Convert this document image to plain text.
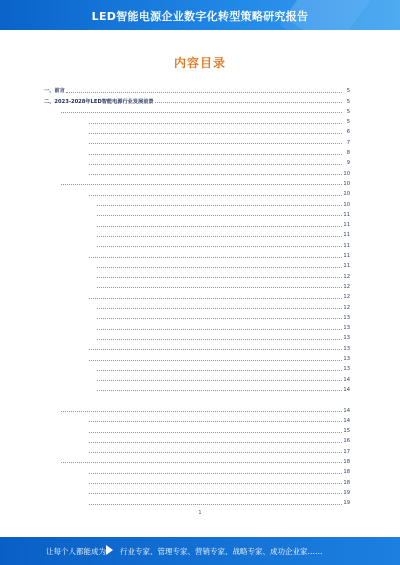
LED智能电源企业数字化转型策略研究报告
内容目录
一、前言	5
二、2023-2028年LED智能电源行业发展前景	5
5
5
6
7
8
9
10
10
10
10
11
11
11
11
11
11
12
12
12
12
13
13
13
13
13
13
14
14
14
14
15
16
17
18
18
18
19
19
1
让每个人都能成为 行业专家、管理专家、营销专家、战略专家、成功企业家……
